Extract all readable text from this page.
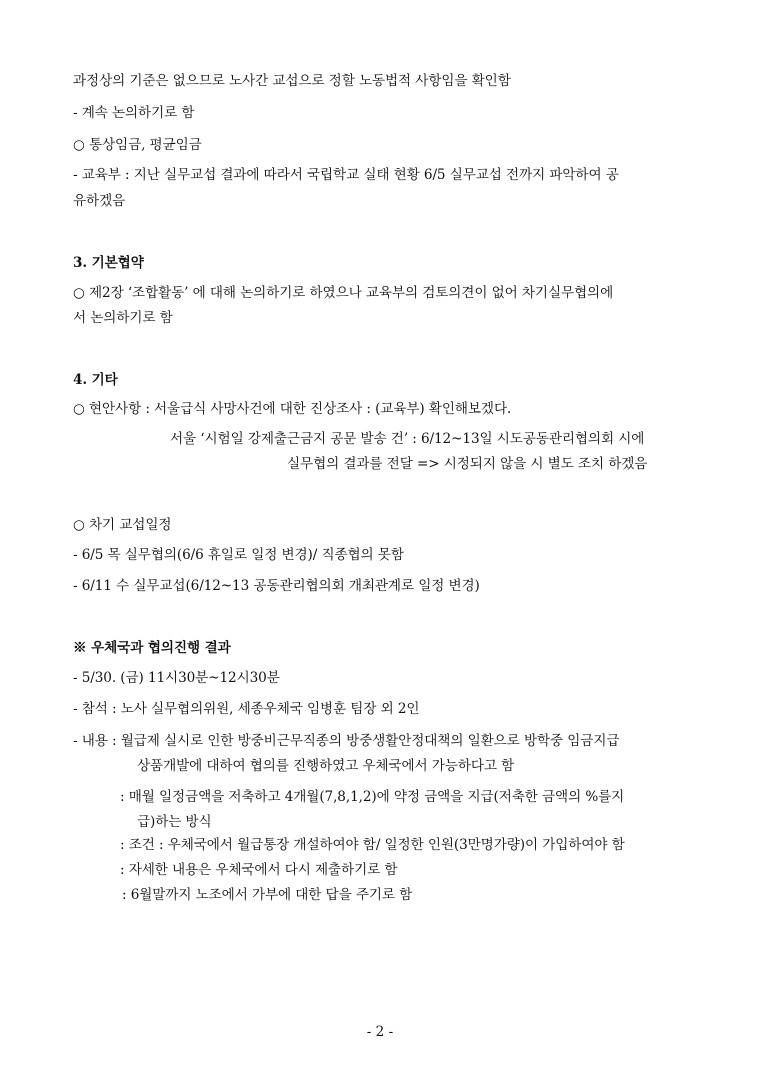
과정상의 기준은 없으므로 노사간 교섭으로 정할 노동법적 사항임을 확인함
- 계속 논의하기로 함
○ 통상임금, 평균임금
- 교육부 : 지난 실무교섭 결과에 따라서 국립학교 실태 현황 6/5 실무교섭 전까지 파악하여 공
유하겠음
3. 기본협약
○ 제2장 ‘조합활동’ 에 대해 논의하기로 하였으나 교육부의 검토의견이 없어 차기실무협의에
서 논의하기로 함
4. 기타
○ 현안사항 : 서울급식 사망사건에 대한 진상조사 : (교육부) 확인해보겠다.
서울 ‘시험일 강제출근금지 공문 발송 건’ : 6/12~13일 시도공동관리협의회 시에
실무협의 결과를 전달 => 시정되지 않을 시 별도 조치 하겠음
○ 차기 교섭일정
- 6/5 목 실무협의(6/6 휴일로 일정 변경)/ 직종협의 못함
- 6/11 수 실무교섭(6/12~13 공동관리협의회 개최관계로 일정 변경)
※ 우체국과 협의진행 결과
- 5/30. (금) 11시30분~12시30분
- 참석 : 노사 실무협의위원, 세종우체국 임병훈 팀장 외 2인
- 내용 : 월급제 실시로 인한 방중비근무직종의 방중생활안정대책의 일환으로 방학중 임금지급
상품개발에 대하여 협의를 진행하였고 우체국에서 가능하다고 함
: 매월 일정금액을 저축하고 4개월(7,8,1,2)에 약정 금액을 지급(저축한 금액의 %를지
급)하는 방식
: 조건 : 우체국에서 월급통장 개설하여야 함/ 일정한 인원(3만명가량)이 가입하여야 함
: 자세한 내용은 우체국에서 다시 제출하기로 함
: 6월말까지 노조에서 가부에 대한 답을 주기로 함
- 2 -
